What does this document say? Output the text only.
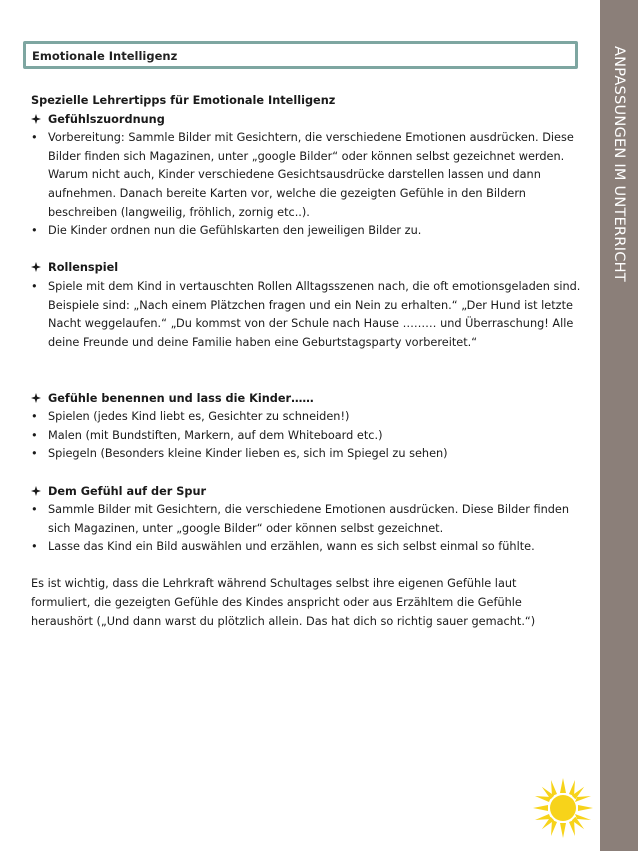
Emotionale Intelligenz
Spezielle Lehrertipps für Emotionale Intelligenz
Gefühlszuordnung
• Vorbereitung: Sammle Bilder mit Gesichtern, die verschiedene Emotionen ausdrücken. Diese Bilder finden sich Magazinen, unter „google Bilder“ oder können selbst gezeichnet werden. Warum nicht auch, Kinder verschiedene Gesichtsausdrücke darstellen lassen und dann aufnehmen. Danach bereite Karten vor, welche die gezeigten Gefühle in den Bildern beschreiben (langweilig, fröhlich, zornig etc..).
• Die Kinder ordnen nun die Gefühlskarten den jeweiligen Bilder zu.
Rollenspiel
• Spiele mit dem Kind in vertauschten Rollen Alltagsszenen nach, die oft emotionsgeladen sind. Beispiele sind: „Nach einem Plätzchen fragen und ein Nein zu erhalten.“ „Der Hund ist letzte Nacht weggelaufen.“ „Du kommst von der Schule nach Hause ……… und Überraschung! Alle deine Freunde und deine Familie haben eine Geburtstagsparty vorbereitet.“
Gefühle benennen und lass die Kinder……
• Spielen (jedes Kind liebt es, Gesichter zu schneiden!)
• Malen (mit Bundstiften, Markern, auf dem Whiteboard etc.)
• Spiegeln (Besonders kleine Kinder lieben es, sich im Spiegel zu sehen)
Dem Gefühl auf der Spur
• Sammle Bilder mit Gesichtern, die verschiedene Emotionen ausdrücken. Diese Bilder finden sich Magazinen, unter „google Bilder“ oder können selbst gezeichnet.
• Lasse das Kind ein Bild auswählen und erzählen, wann es sich selbst einmal so fühlte.
Es ist wichtig, dass die Lehrkraft während Schultages selbst ihre eigenen Gefühle laut formuliert, die gezeigten Gefühle des Kindes anspricht oder aus Erzähltem die Gefühle heraushört („Und dann warst du plötzlich allein. Das hat dich so richtig sauer gemacht.“)
ANPASSUNGEN IM UNTERRICHT
